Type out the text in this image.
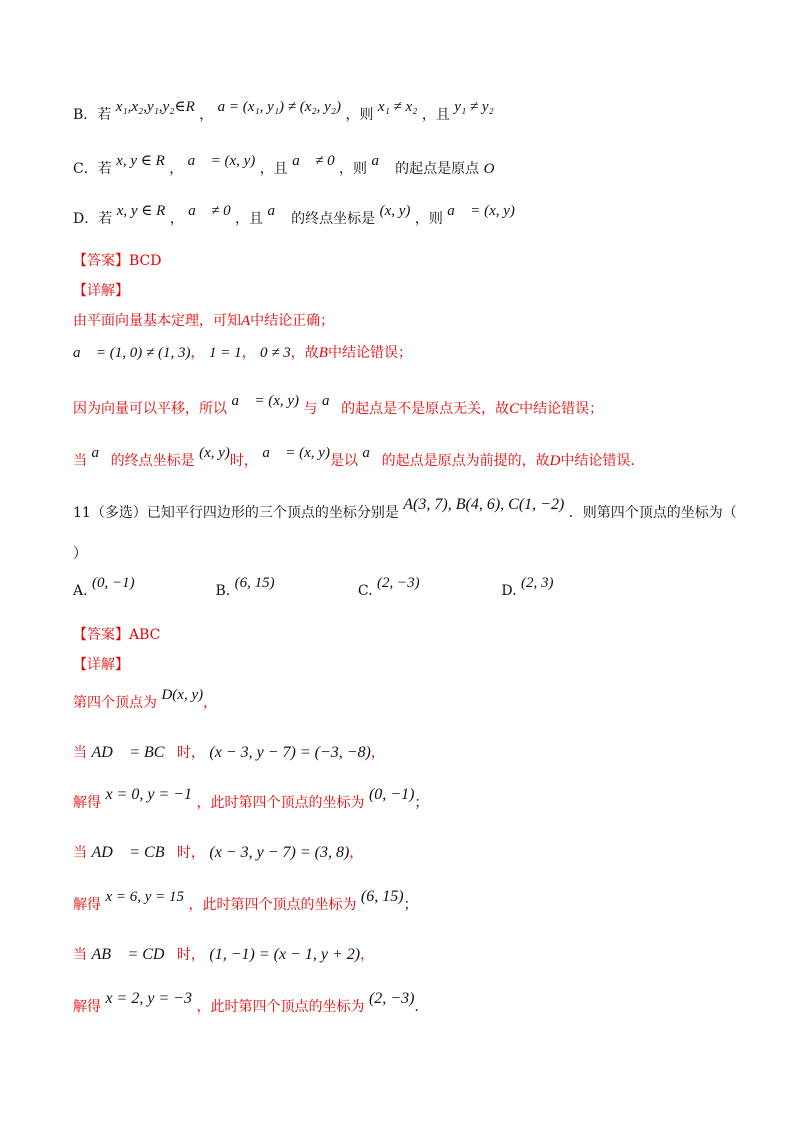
B．若 x₁,x₂,y₁,y₂∈R ， a = (x₁, y₁) ≠ (x₂, y₂) ，则 x₁ ≠ x₂ ，且 y₁ ≠ y₂
C．若 x, y ∈ R ， a⃗ = (x, y) ，且 a⃗ ≠ 0 ，则 a⃗ 的起点是原点 O
D．若 x, y ∈ R ， a⃗ ≠ 0 ，且 a⃗ 的终点坐标是 (x, y) ，则 a⃗ = (x, y)
【答案】BCD
【详解】
由平面向量基本定理，可知A中结论正确；
a⃗ = (1, 0) ≠ (1, 3)， 1 = 1， 0 ≠ 3，故B中结论错误；
因为向量可以平移，所以 a⃗ = (x, y) 与 a⃗的起点是不是原点无关，故C中结论错误；
当 a⃗的终点坐标是 (x, y)时， a⃗ = (x, y)是以 a⃗的起点是原点为前提的，故D中结论错误.
11（多选）已知平行四边形的三个顶点的坐标分别是 A(3, 7), B(4, 6), C(1, −2) ．则第四个顶点的坐标为（
）
A. (0, −1)	B. (6, 15)	C. (2, −3)	D. (2, 3)
【答案】ABC
【详解】
第四个顶点为 D(x, y)，
当 AD⃗ = BC⃗时， (x − 3, y − 7) = (−3, −8)，
解得 x = 0, y = −1 ，此时第四个顶点的坐标为 (0, −1)；
当 AD⃗ = CB⃗时， (x − 3, y − 7) = (3, 8)，
解得 x = 6, y = 15 ，此时第四个顶点的坐标为 (6, 15)；
当 AB⃗ = CD⃗时， (1, −1) = (x − 1, y + 2)，
解得 x = 2, y = −3 ，此时第四个顶点的坐标为 (2, −3).
